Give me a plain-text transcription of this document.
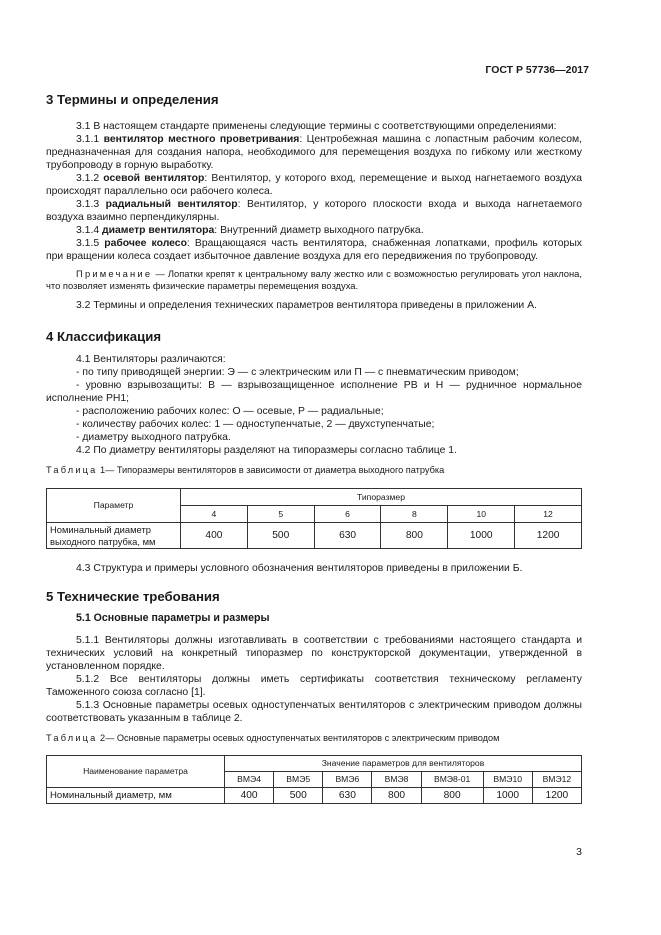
ГОСТ Р 57736—2017
3 Термины и определения

3.1 В настоящем стандарте применены следующие термины с соответствующими определениями:

3.1.1 вентилятор местного проветривания: Центробежная машина с лопастным рабочим колесом, предназначенная для создания напора, необходимого для перемещения воздуха по гибкому или жесткому трубопроводу в горную выработку.

3.1.2 осевой вентилятор: Вентилятор, у которого вход, перемещение и выход нагнетаемого воздуха происходят параллельно оси рабочего колеса.

3.1.3 радиальный вентилятор: Вентилятор, у которого плоскости входа и выхода нагнетаемого воздуха взаимно перпендикулярны.

3.1.4 диаметр вентилятора: Внутренний диаметр выходного патрубка.

3.1.5 рабочее колесо: Вращающаяся часть вентилятора, снабженная лопатками, профиль которых при вращении колеса создает избыточное давление воздуха для его передвижения по трубопроводу.

Примечание — Лопатки крепят к центральному валу жестко или с возможностью регулировать угол наклона, что позволяет изменять физические параметры перемещения воздуха.

3.2 Термины и определения технических параметров вентилятора приведены в приложении А.

4 Классификация

4.1 Вентиляторы различаются:

- по типу приводящей энергии: Э — с электрическим или П — с пневматическим приводом;

- уровню взрывозащиты: В — взрывозащищенное исполнение РВ и Н — рудничное нормальное исполнение РН1;

- расположению рабочих колес: О — осевые, Р — радиальные;

- количеству рабочих колес: 1 — одноступенчатые, 2 — двухступенчатые;

- диаметру выходного патрубка.

4.2 По диаметру вентиляторы разделяют на типоразмеры согласно таблице 1.

Таблица 1— Типоразмеры вентиляторов в зависимости от диаметра выходного патрубка

Параметр	Типоразмер					
	4	5	6	8	10	12
Номинальный диаметр выходного патрубка, мм	400	500	630	800	1000	1200

4.3 Структура и примеры условного обозначения вентиляторов приведены в приложении Б.

5 Технические требования
5.1 Основные параметры и размеры

5.1.1 Вентиляторы должны изготавливать в соответствии с требованиями настоящего стандарта и технических условий на конкретный типоразмер по конструкторской документации, утвержденной в установленном порядке.

5.1.2 Все вентиляторы должны иметь сертификаты соответствия техническому регламенту Таможенного союза согласно [1].

5.1.3 Основные параметры осевых одноступенчатых вентиляторов с электрическим приводом должны соответствовать указанным в таблице 2.

Таблица 2— Основные параметры осевых одноступенчатых вентиляторов с электрическим приводом

Наименование параметра	Значение параметров для вентиляторов						
	ВМЭ4	ВМЭ5	ВМЭ6	ВМЭ8	ВМЭ8-01	ВМЭ10	ВМЭ12
Номинальный диаметр, мм	400	500	630	800	800	1000	1200
3
